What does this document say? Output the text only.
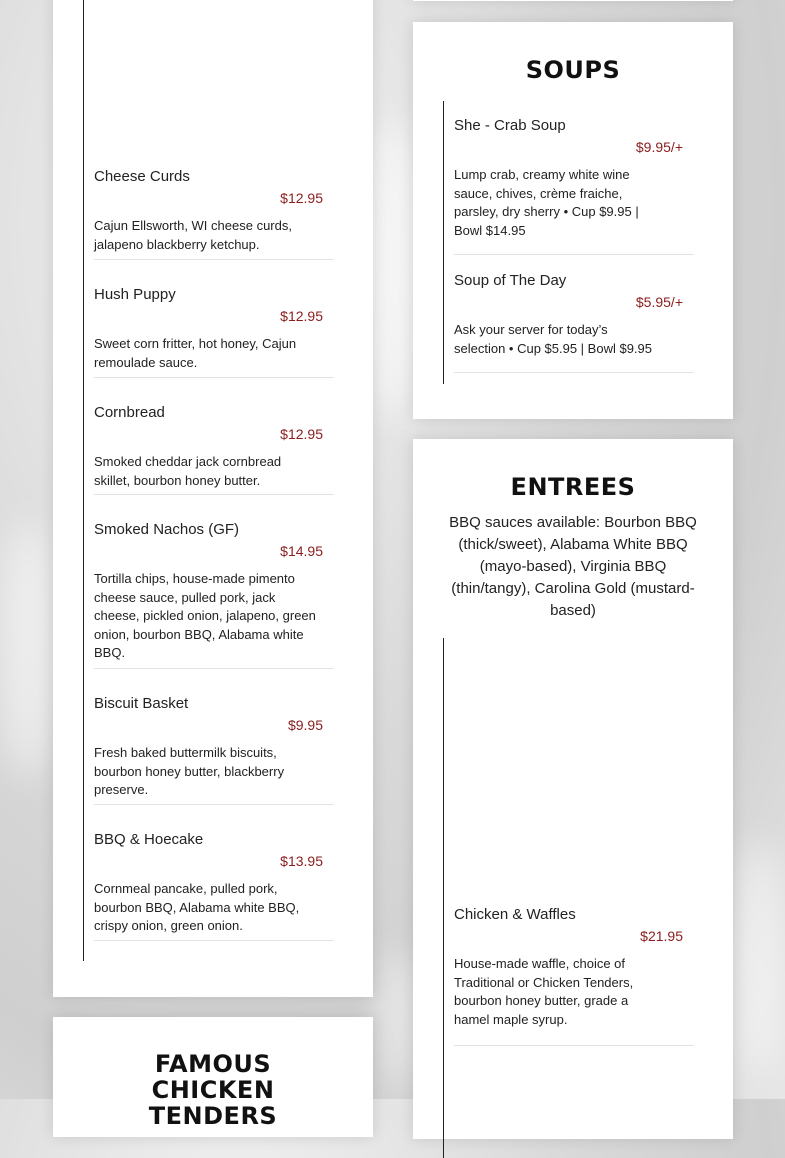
Cheese Curds
$12.95
Cajun Ellsworth, WI cheese curds, jalapeno blackberry ketchup.
Hush Puppy
$12.95
Sweet corn fritter, hot honey, Cajun remoulade sauce.
Cornbread
$12.95
Smoked cheddar jack cornbread skillet, bourbon honey butter.
Smoked Nachos (GF)
$14.95
Tortilla chips, house-made pimento cheese sauce, pulled pork, jack cheese, pickled onion, jalapeno, green onion, bourbon BBQ, Alabama white BBQ.
Biscuit Basket
$9.95
Fresh baked buttermilk biscuits, bourbon honey butter, blackberry preserve.
BBQ & Hoecake
$13.95
Cornmeal pancake, pulled pork, bourbon BBQ, Alabama white BBQ, crispy onion, green onion.
SOUPS
She - Crab Soup
$9.95/+
Lump crab, creamy white wine sauce, chives, crème fraiche, parsley, dry sherry • Cup $9.95 | Bowl $14.95
Soup of The Day
$5.95/+
Ask your server for today’s selection • Cup $5.95 | Bowl $9.95
ENTREES
BBQ sauces available: Bourbon BBQ (thick/sweet), Alabama White BBQ (mayo-based), Virginia BBQ (thin/tangy), Carolina Gold (mustard-based)
Chicken & Waffles
$21.95
House-made waffle, choice of Traditional or Chicken Tenders, bourbon honey butter, grade a hamel maple syrup.
FAMOUS CHICKEN TENDERS
